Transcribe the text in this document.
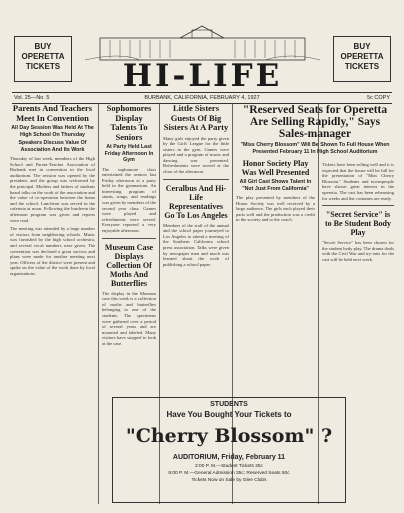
BUY OPERETTA TICKETS
BUY OPERETTA TICKETS
HI-LIFE
Vol. 25—No. 5	BURBANK, CALIFORNIA, FEBRUARY 4, 1927	5c COPY
Parents And Teachers Meet In Convention
All Day Session Was Held At The High School On Thursday
Speakers Discuss Value Of Association And Its Work
Thursday of last week, members of the High School and Parent-Teacher Association of Burbank met in convention in the local auditorium. The session was opened by the president, and the group was welcomed by the principal. Mothers and fathers of students heard talks on the work of the association and the value of co-operation between the home and the school. Luncheon was served in the cafeteria at noon. Following the luncheon the afternoon program was given and reports were read.
The meeting was attended by a large number of visitors from neighboring schools. Music was furnished by the high school orchestra, and several vocal numbers were given. The convention was declared a great success and plans were made for another meeting next year. Officers of the district were present and spoke on the value of the work done by local organizations.
Sophomores Display Talents To Seniors
At Party Held Last Friday Afternoon In Gym
The sophomore class entertained the seniors last Friday afternoon at a party held in the gymnasium. An interesting program of stunts, songs, and readings was given by members of the second year class. Games were played and refreshments were served. Everyone reported a very enjoyable afternoon.
Museum Case Displays Collection Of Moths And Butterflies
The display in the Museum case this week is a collection of moths and butterflies belonging to one of the students. The specimens were gathered over a period of several years and are mounted and labeled. Many visitors have stopped to look at the case.
Little Sisters Guests Of Big Sisters At A Party
Many girls enjoyed the party given by the Girls' League for the little sisters in the gym. Games were played and a program of music and dancing was presented. Refreshments were served at the close of the afternoon.
Ceralbus And Hi-Life Representatives Go To Los Angeles
Members of the staff of the annual and the school paper journeyed to Los Angeles to attend a meeting of the Southern California school press association. Talks were given by newspaper men and much was learned about the work of publishing a school paper.
"Reserved Seats for Operetta Are Selling Rapidly," Says Sales-manager
"Miss Cherry Blossom" Will Be Shown To Full House When Presented February 11 In High School Auditorium
Honor Society Play Was Well Presented
All Girl Cast Shows Talent In "Not Just From California"
The play presented by members of the Honor Society was well received by a large audience. The girls each played their parts well and the production was a credit to the society and to the coach.
Tickets have been selling well and it is expected that the house will be full for the presentation of "Miss Cherry Blossom." Students and townspeople have shown great interest in the operetta. The cast has been rehearsing for weeks and the costumes are ready.
"Secret Service" is to Be Student Body Play
"Secret Service" has been chosen for the student body play. The drama deals with the Civil War and try-outs for the cast will be held next week.
STUDENTS
Have You Bought Your Tickets to
"Cherry Blossom" ?
AUDITORIUM, Friday, February 11
2:00 P. M.—Student Tickets 25c
8:00 P. M.—General Admission 35c; Reserved Seats 50c
Tickets Now on Sale by Glee Clubs
